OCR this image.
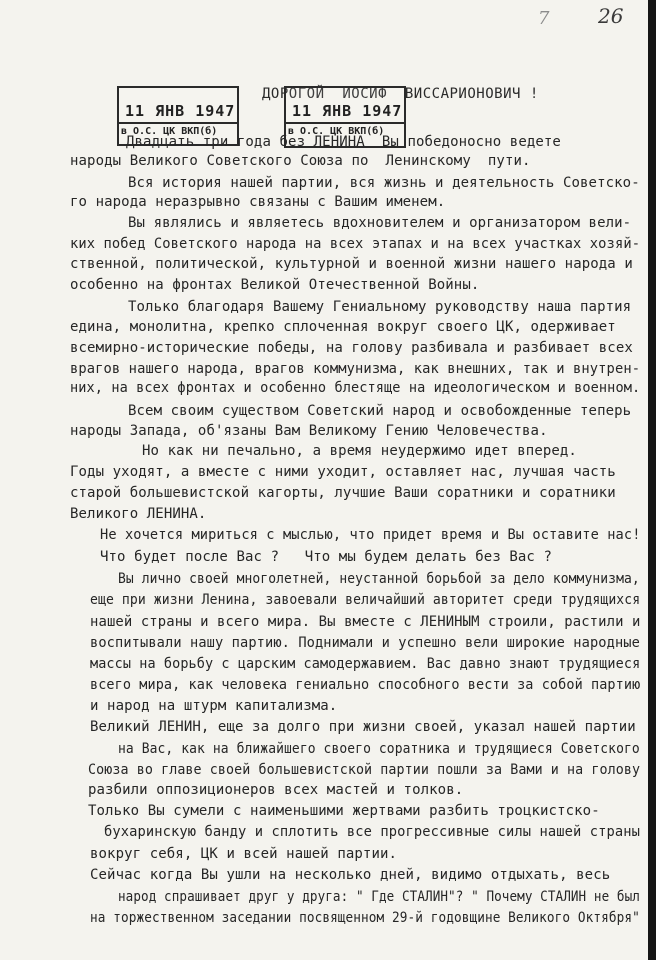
7 26
ДОРОГОЙ  ИОСИФ  ВИССАРИОНОВИЧ !
11 ЯНВ 1947
в О.С. ЦК ВКП(б)
11 ЯНВ 1947
в О.С. ЦК ВКП(б)
Двадцать три года без ЛЕНИНА  Вы победоносно ведете
народы Великого Советского Союза по  Ленинскому  пути.
Вся история нашей партии, вся жизнь и деятельность Советско-
го народа неразрывно связаны с Вашим именем.
Вы являлись и являетесь вдохновителем и организатором вели-
ких побед Советского народа на всех этапах и на всех участках хозяй-
ственной, политической, культурной и военной жизни нашего народа и
особенно на фронтах Великой Отечественной Войны.
Только благодаря Вашему Гениальному руководству наша партия
едина, монолитна, крепко сплоченная вокруг своего ЦК, одерживает
всемирно-исторические победы, на голову разбивала и разбивает всех
врагов нашего народа, врагов коммунизма, как внешних, так и внутрен-
них, на всех фронтах и особенно блестяще на идеологическом и военном.
Всем своим существом Советский народ и освобожденные теперь
народы Запада, об'язаны Вам Великому Гению Человечества.
Но как ни печально, а время неудержимо идет вперед.
Годы уходят, а вместе с ними уходит, оставляет нас, лучшая часть
старой большевистской кагорты, лучшие Ваши соратники и соратники
Великого ЛЕНИНА.
Не хочется мириться с мыслью, что придет время и Вы оставите нас!
Что будет после Вас ?   Что мы будем делать без Вас ?
Вы лично своей многолетней, неустанной борьбой за дело коммунизма,
еще при жизни Ленина, завоевали величайший авторитет среди трудящихся
нашей страны и всего мира. Вы вместе с ЛЕНИНЫМ строили, растили и
воспитывали нашу партию. Поднимали и успешно вели широкие народные
массы на борьбу с царским самодержавием. Вас давно знают трудящиеся
всего мира, как человека гениально способного вести за собой партию
и народ на штурм капитализма.
Великий ЛЕНИН, еще за долго при жизни своей, указал нашей партии
на Вас, как на ближайшего своего соратника и трудящиеся Советского
Союза во главе своей большевистской партии пошли за Вами и на голову
разбили оппозиционеров всех мастей и толков.
Только Вы сумели с наименьшими жертвами разбить троцкистско-
бухаринскую банду и сплотить все прогрессивные силы нашей страны
вокруг себя, ЦК и всей нашей партии.
Сейчас когда Вы ушли на несколько дней, видимо отдыхать, весь
народ спрашивает друг у друга: " Где СТАЛИН"? " Почему СТАЛИН не был
на торжественном заседании посвященном 29-й годовщине Великого Октября"
